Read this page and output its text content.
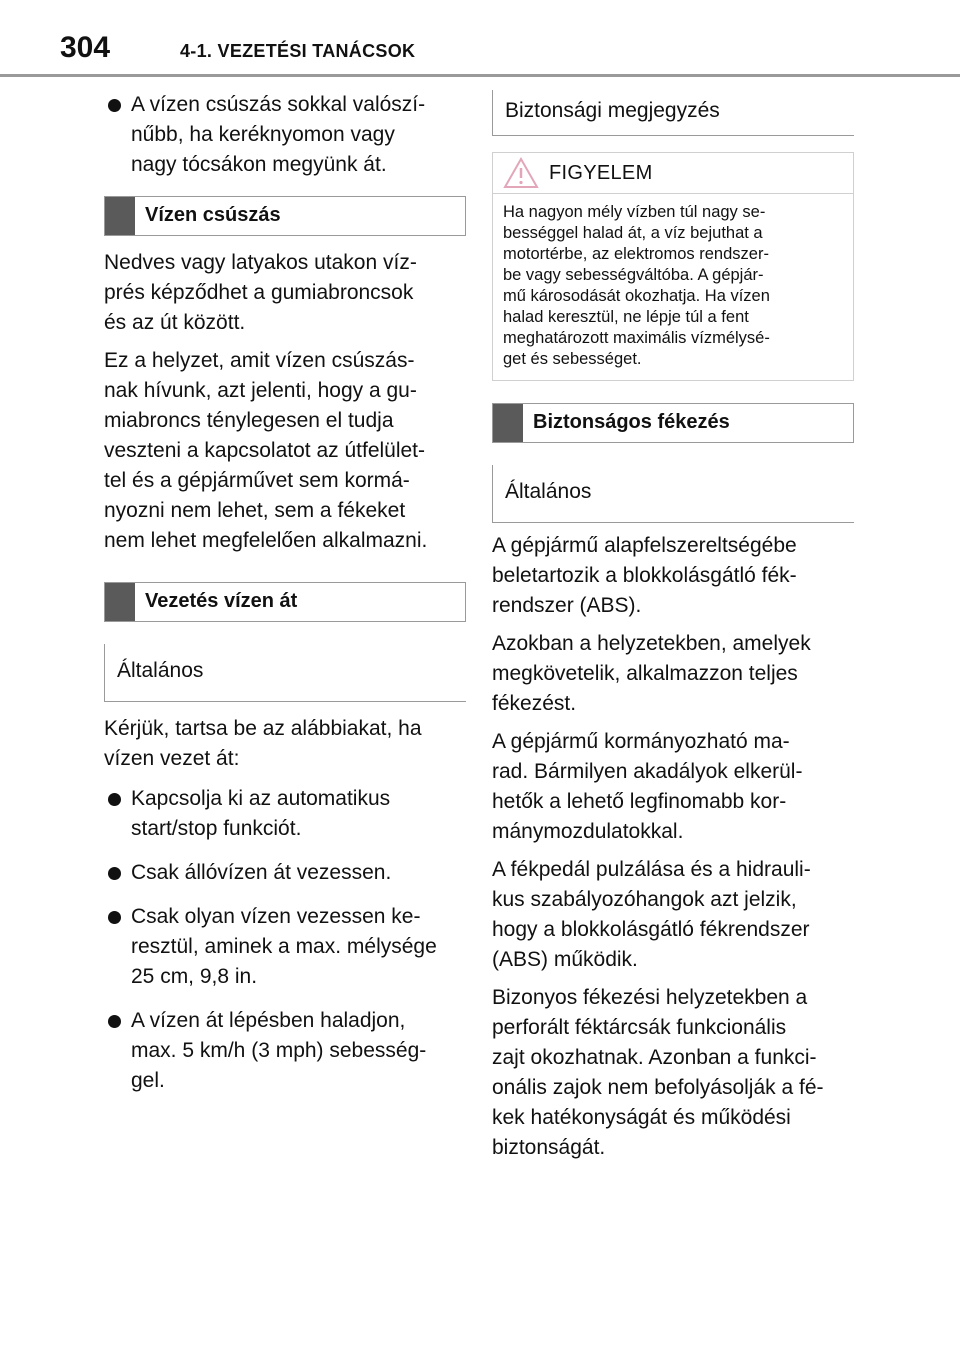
304	4-1. VEZETÉSI TANÁCSOK
A vízen csúszás sokkal valószí-
nűbb, ha keréknyomon vagy
nagy tócsákon megyünk át.
Vízen csúszás

Nedves vagy latyakos utakon víz-

prés képződhet a gumiabroncsok

és az út között.

Ez a helyzet, amit vízen csúszás-

nak hívunk, azt jelenti, hogy a gu-

miabroncs ténylegesen el tudja

veszteni a kapcsolatot az útfelület-

tel és a gépjárművet sem kormá-

nyozni nem lehet, sem a fékeket

nem lehet megfelelően alkalmazni.

Vezetés vízen át
Általános

Kérjük, tartsa be az alábbiakat, ha

vízen vezet át:

Kapcsolja ki az automatikus
start/stop funkciót.
Csak állóvízen át vezessen.
Csak olyan vízen vezessen ke-
resztül, aminek a max. mélysége
25 cm, 9,8 in.
A vízen át lépésben haladjon,
max. 5 km/h (3 mph) sebesség-
gel.
Biztonsági megjegyzés
FIGYELEM
Ha nagyon mély vízben túl nagy se-
bességgel halad át, a víz bejuthat a
motortérbe, az elektromos rendszer-
be vagy sebességváltóba. A gépjár-
mű károsodását okozhatja. Ha vízen
halad keresztül, ne lépje túl a fent
meghatározott maximális vízmélysé-
get és sebességet.
Biztonságos fékezés
Általános

A gépjármű alapfelszereltségébe

beletartozik a blokkolásgátló fék-

rendszer (ABS).

Azokban a helyzetekben, amelyek

megkövetelik, alkalmazzon teljes

fékezést.

A gépjármű kormányozható ma-

rad. Bármilyen akadályok elkerül-

hetők a lehető legfinomabb kor-

mánymozdulatokkal.

A fékpedál pulzálása és a hidrauli-

kus szabályozóhangok azt jelzik,

hogy a blokkolásgátló fékrendszer

(ABS) működik.

Bizonyos fékezési helyzetekben a

perforált féktárcsák funkcionális

zajt okozhatnak. Azonban a funkci-

onális zajok nem befolyásolják a fé-

kek hatékonyságát és működési

biztonságát.
